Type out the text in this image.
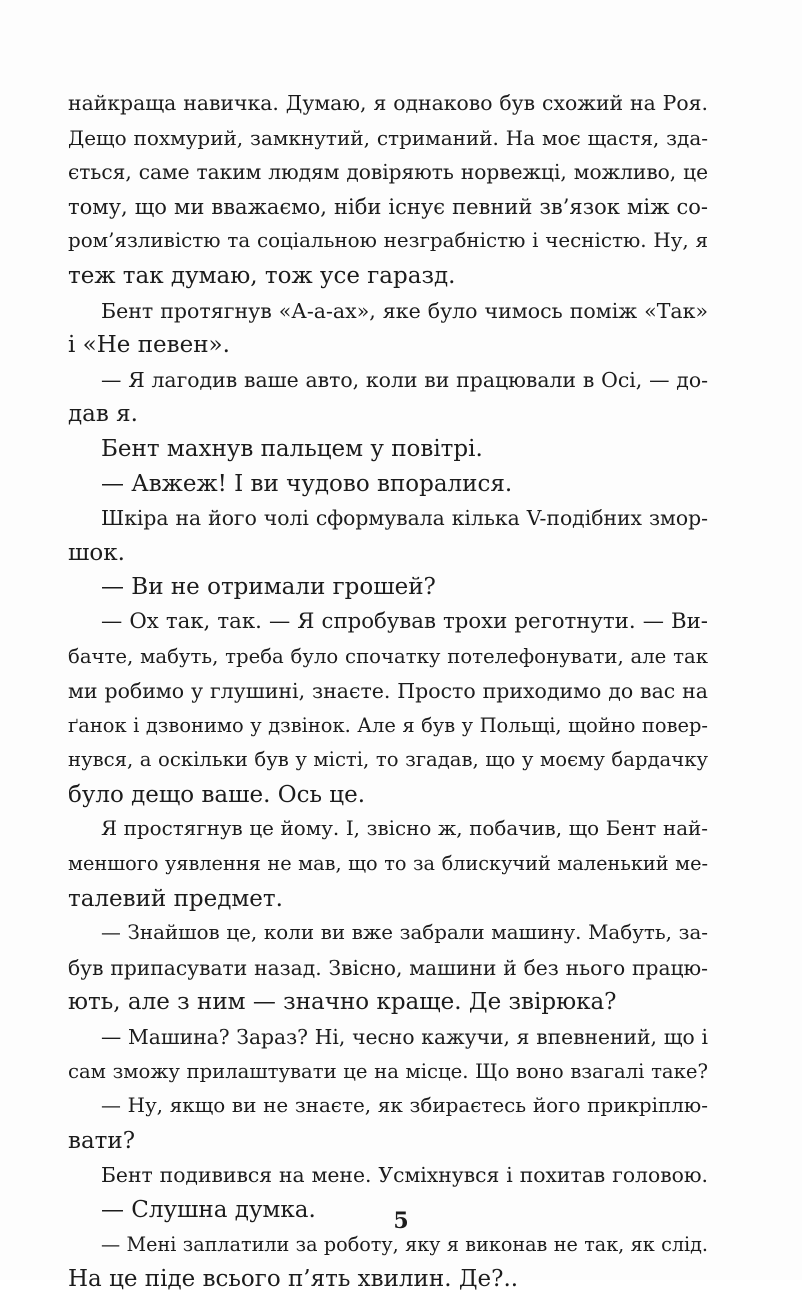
найкраща навичка. Думаю, я однаково був схожий на Роя.
Дещо похмурий, замкнутий, стриманий. На моє щастя, зда-
ється, саме таким людям довіряють норвежці, можливо, це
тому, що ми вважаємо, ніби існує певний зв’язок між со-
ром’язливістю та соціальною незграбністю і чесністю. Ну, я
теж так думаю, тож усе гаразд.
Бент протягнув «А-а-ах», яке було чимось поміж «Так»
і «Не певен».
— Я лагодив ваше авто, коли ви працювали в Осі, — до-
дав я.
Бент махнув пальцем у повітрі.
— Авжеж! І ви чудово впоралися.
Шкіра на його чолі сформувала кілька V-подібних змор-
шок.
— Ви не отримали грошей?
— Ох так, так. — Я спробував трохи реготнути. — Ви-
бачте, мабуть, треба було спочатку потелефонувати, але так
ми робимо у глушині, знаєте. Просто приходимо до вас на
ґанок і дзвонимо у дзвінок. Але я був у Польщі, щойно повер-
нувся, а оскільки був у місті, то згадав, що у моєму бардачку
було дещо ваше. Ось це.
Я простягнув це йому. І, звісно ж, побачив, що Бент най-
меншого уявлення не мав, що то за блискучий маленький ме-
талевий предмет.
— Знайшов це, коли ви вже забрали машину. Мабуть, за-
був припасувати назад. Звісно, машини й без нього працю-
ють, але з ним — значно краще. Де звірюка?
— Машина? Зараз? Ні, чесно кажучи, я впевнений, що і
сам зможу прилаштувати це на місце. Що воно взагалі таке?
— Ну, якщо ви не знаєте, як збираєтесь його прикріплю-
вати?
Бент подивився на мене. Усміхнувся і похитав головою.
— Слушна думка.
— Мені заплатили за роботу, яку я виконав не так, як слід.
На це піде всього п’ять хвилин. Де?..
5
